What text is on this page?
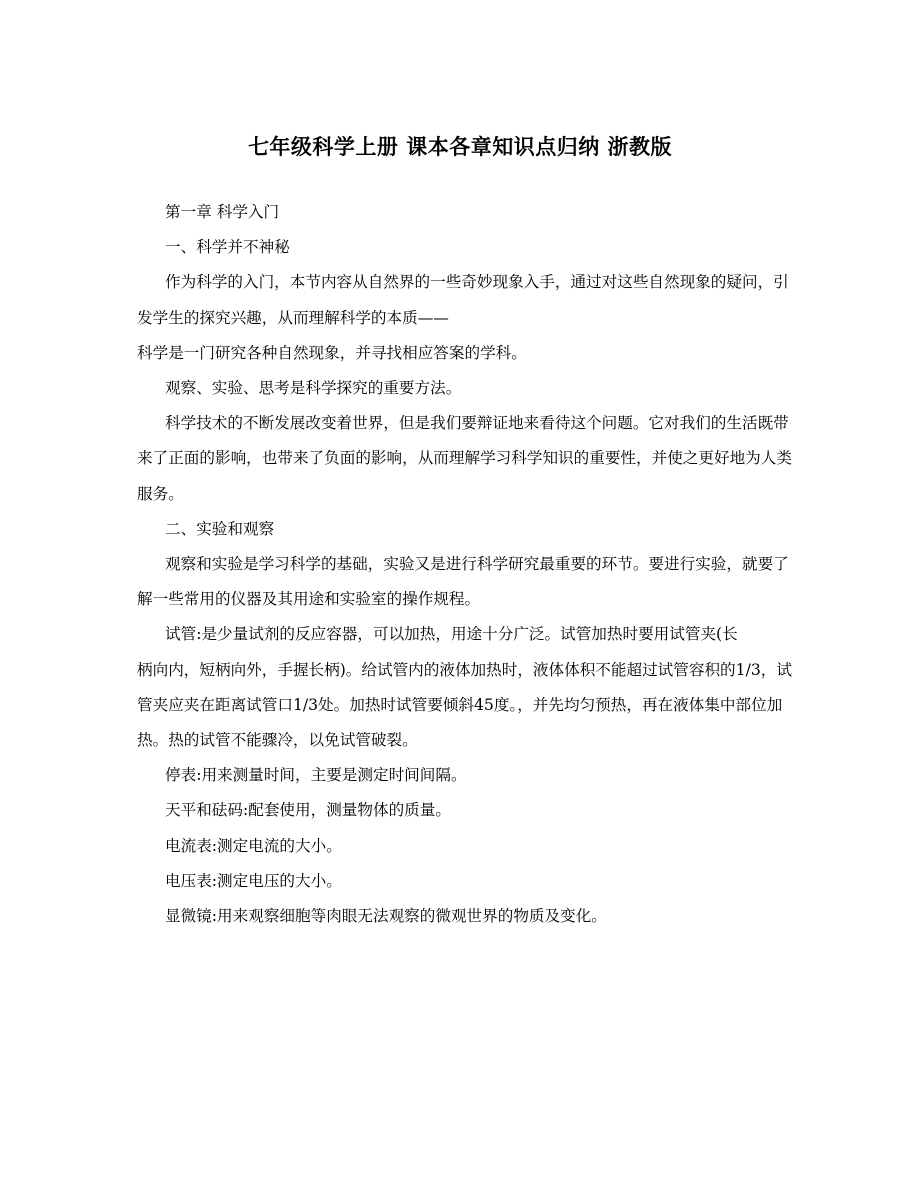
七年级科学上册 课本各章知识点归纳 浙教版

第一章 科学入门

一、科学并不神秘

作为科学的入门，本节内容从自然界的一些奇妙现象入手，通过对这些自然现象的疑问，引发学生的探究兴趣，从而理解科学的本质——

科学是一门研究各种自然现象，并寻找相应答案的学科。

观察、实验、思考是科学探究的重要方法。

科学技术的不断发展改变着世界，但是我们要辩证地来看待这个问题。它对我们的生活既带来了正面的影响，也带来了负面的影响，从而理解学习科学知识的重要性，并使之更好地为人类服务。

二、实验和观察

观察和实验是学习科学的基础，实验又是进行科学研究最重要的环节。要进行实验，就要了解一些常用的仪器及其用途和实验室的操作规程。

试管:是少量试剂的反应容器，可以加热，用途十分广泛。试管加热时要用试管夹(长

柄向内，短柄向外，手握长柄)。给试管内的液体加热时，液体体积不能超过试管容积的1/3，试管夹应夹在距离试管口1/3处。加热时试管要倾斜45度。，并先均匀预热，再在液体集中部位加热。热的试管不能骤冷，以免试管破裂。

停表:用来测量时间，主要是测定时间间隔。

天平和砝码:配套使用，测量物体的质量。

电流表:测定电流的大小。

电压表:测定电压的大小。

显微镜:用来观察细胞等肉眼无法观察的微观世界的物质及变化。
